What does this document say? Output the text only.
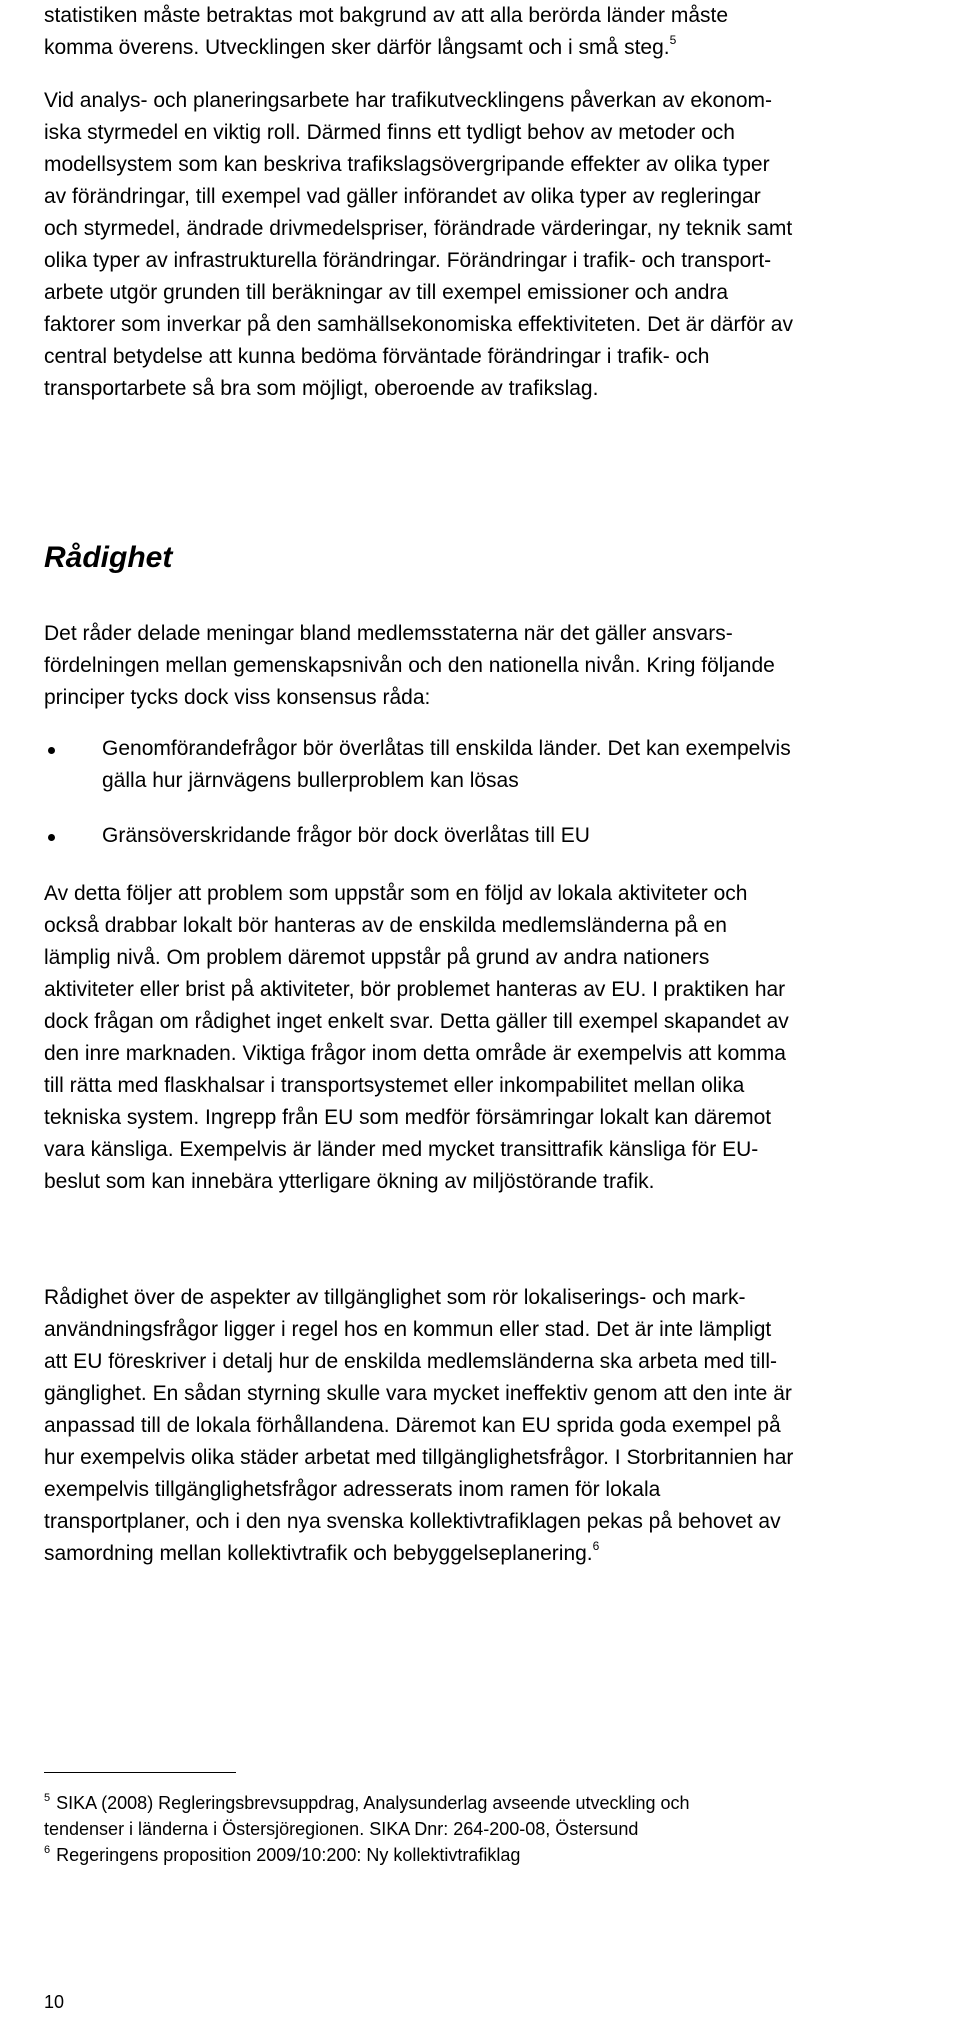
statistiken måste betraktas mot bakgrund av att alla berörda länder måste
komma överens. Utvecklingen sker därför långsamt och i små steg.$^5$
Vid analys- och planeringsarbete har trafikutvecklingens påverkan av ekonom-
iska styrmedel en viktig roll. Därmed finns ett tydligt behov av metoder och
modellsystem som kan beskriva trafikslagsövergripande effekter av olika typer
av förändringar, till exempel vad gäller införandet av olika typer av regleringar
och styrmedel, ändrade drivmedelspriser, förändrade värderingar, ny teknik samt
olika typer av infrastrukturella förändringar. Förändringar i trafik- och transport-
arbete utgör grunden till beräkningar av till exempel emissioner och andra
faktorer som inverkar på den samhällsekonomiska effektiviteten. Det är därför av
central betydelse att kunna bedöma förväntade förändringar i trafik- och
transportarbete så bra som möjligt, oberoende av trafikslag.
Rådighet
Det råder delade meningar bland medlemsstaterna när det gäller ansvars-
fördelningen mellan gemenskapsnivån och den nationella nivån. Kring följande
principer tycks dock viss konsensus råda:
Genomförandefrågor bör överlåtas till enskilda länder. Det kan exempelvis
gälla hur järnvägens bullerproblem kan lösas
Gränsöverskridande frågor bör dock överlåtas till EU
Av detta följer att problem som uppstår som en följd av lokala aktiviteter och
också drabbar lokalt bör hanteras av de enskilda medlemsländerna på en
lämplig nivå. Om problem däremot uppstår på grund av andra nationers
aktiviteter eller brist på aktiviteter, bör problemet hanteras av EU. I praktiken har
dock frågan om rådighet inget enkelt svar. Detta gäller till exempel skapandet av
den inre marknaden. Viktiga frågor inom detta område är exempelvis att komma
till rätta med flaskhalsar i transportsystemet eller inkompabilitet mellan olika
tekniska system. Ingrepp från EU som medför försämringar lokalt kan däremot
vara känsliga. Exempelvis är länder med mycket transittrafik känsliga för EU-
beslut som kan innebära ytterligare ökning av miljöstörande trafik.
Rådighet över de aspekter av tillgänglighet som rör lokaliserings- och mark-
användningsfrågor ligger i regel hos en kommun eller stad. Det är inte lämpligt
att EU föreskriver i detalj hur de enskilda medlemsländerna ska arbeta med till-
gänglighet. En sådan styrning skulle vara mycket ineffektiv genom att den inte är
anpassad till de lokala förhållandena. Däremot kan EU sprida goda exempel på
hur exempelvis olika städer arbetat med tillgänglighetsfrågor. I Storbritannien har
exempelvis tillgänglighetsfrågor adresserats inom ramen för lokala
transportplaner, och i den nya svenska kollektivtrafiklagen pekas på behovet av
samordning mellan kollektivtrafik och bebyggelseplanering.$^6$
$^5$ SIKA (2008) Regleringsbrevsuppdrag, Analysunderlag avseende utveckling och
tendenser i länderna i Östersjöregionen. SIKA Dnr: 264-200-08, Östersund
$^6$ Regeringens proposition 2009/10:200: Ny kollektivtrafiklag
10
